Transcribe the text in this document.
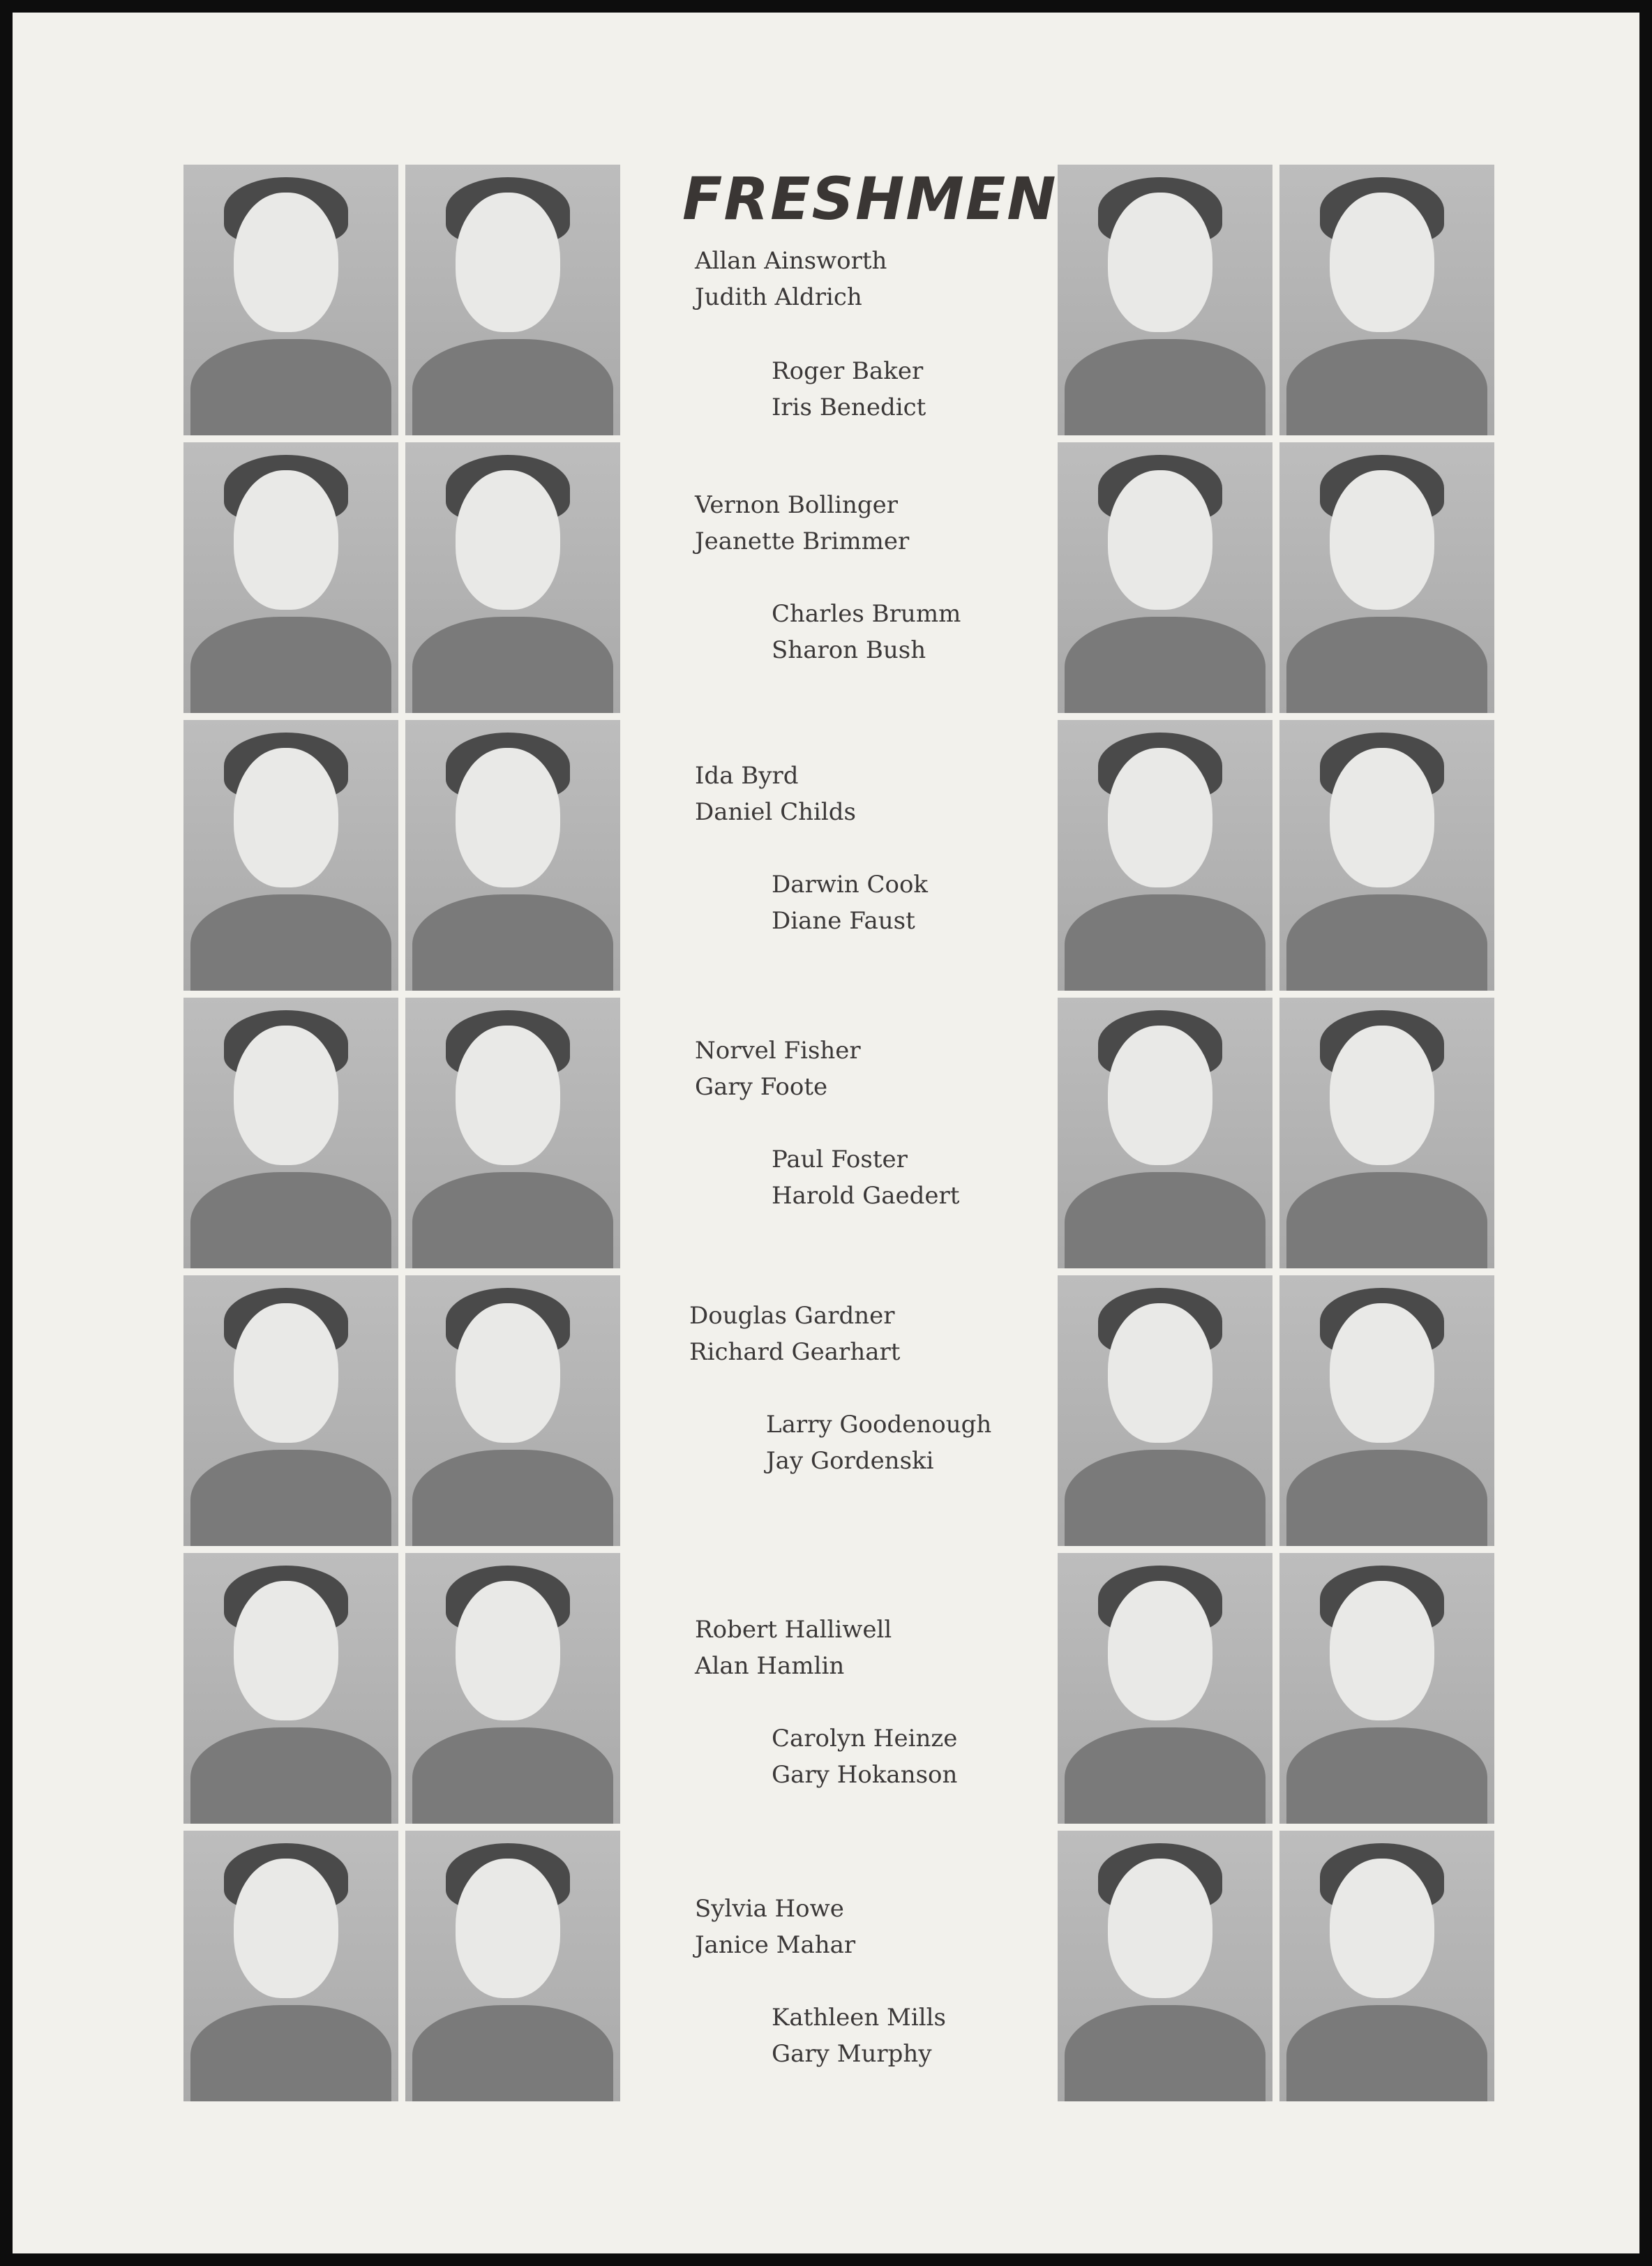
FRESHMEN
Allan Ainsworth
Judith Aldrich
Roger Baker
Iris Benedict
Vernon Bollinger
Jeanette Brimmer
Charles Brumm
Sharon Bush
Ida Byrd
Daniel Childs
Darwin Cook
Diane Faust
Norvel Fisher
Gary Foote
Paul Foster
Harold Gaedert
Douglas Gardner
Richard Gearhart
Larry Goodenough
Jay Gordenski
Robert Halliwell
Alan Hamlin
Carolyn Heinze
Gary Hokanson
Sylvia Howe
Janice Mahar
Kathleen Mills
Gary Murphy
